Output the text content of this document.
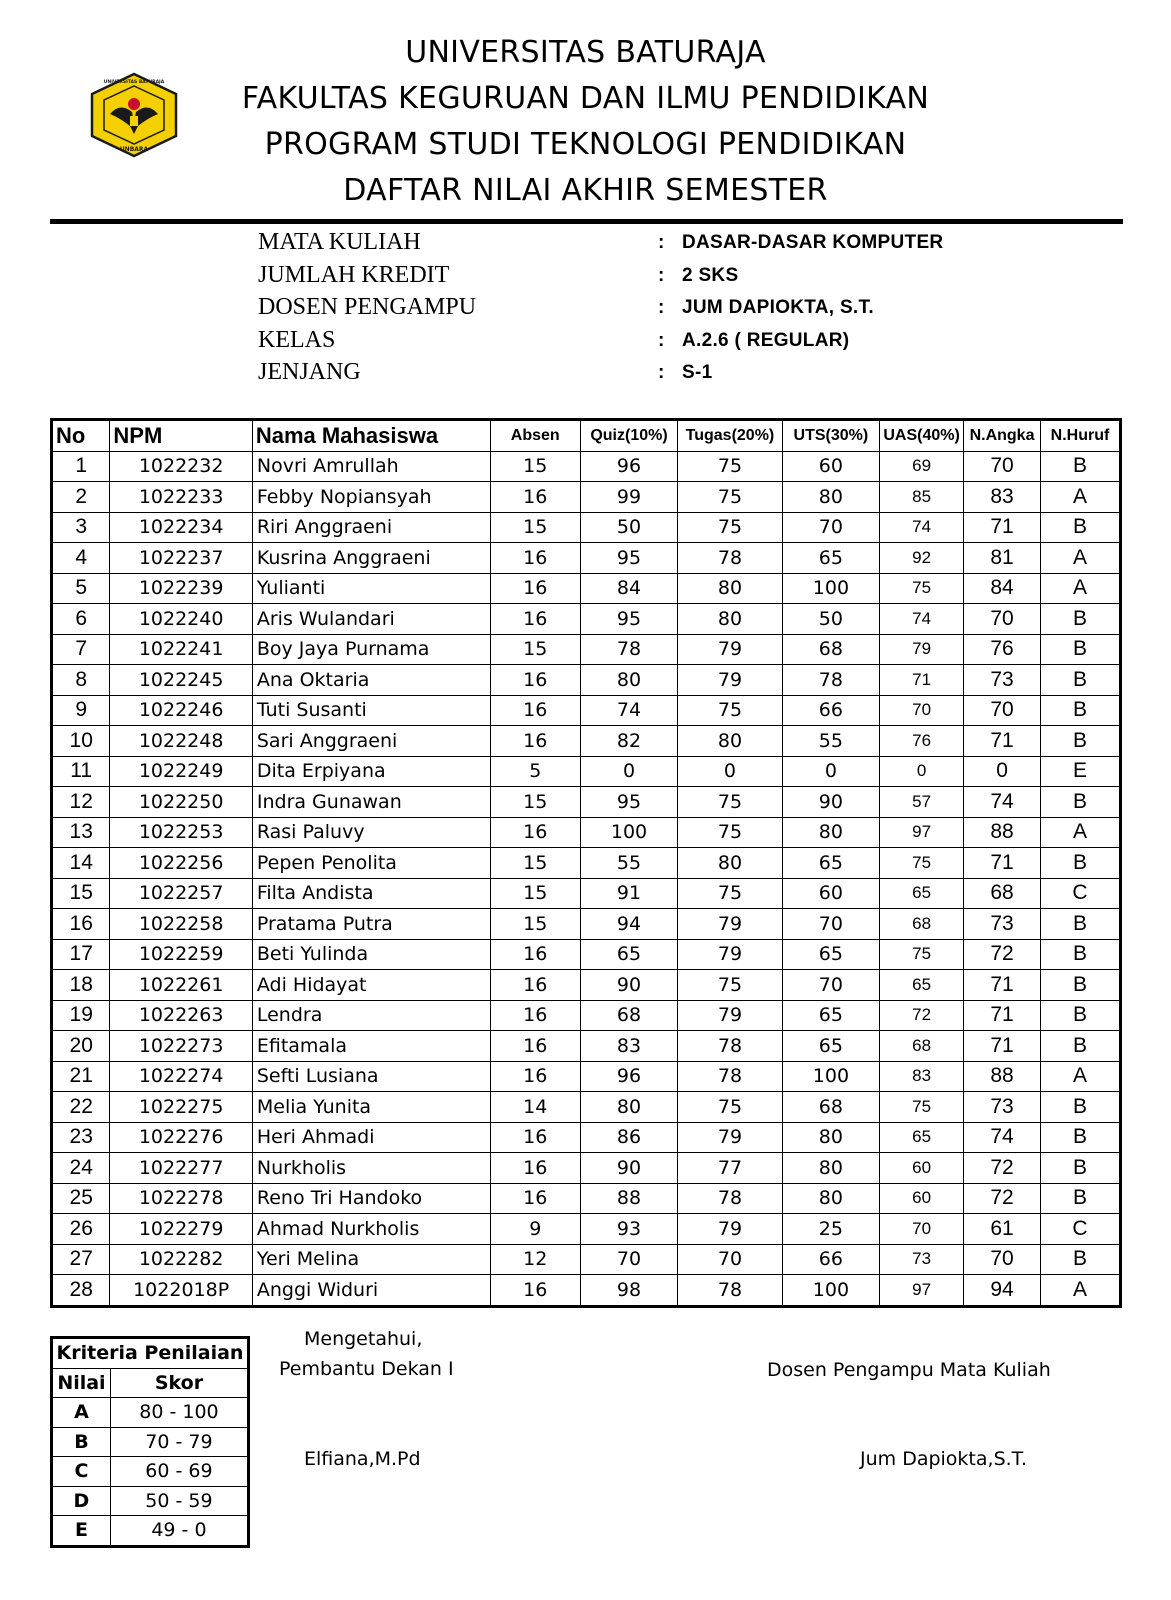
UNBARA
UNIVERSITAS BATURAJA
UNIVERSITAS BATURAJA
FAKULTAS KEGURUAN DAN ILMU PENDIDIKAN
PROGRAM STUDI TEKNOLOGI PENDIDIKAN
DAFTAR NILAI AKHIR SEMESTER
MATA KULIAH	: DASAR-DASAR KOMPUTER
JUMLAH KREDIT	: 2 SKS
DOSEN PENGAMPU	: JUM DAPIOKTA, S.T.
KELAS	: A.2.6 ( REGULAR)
JENJANG	: S-1
No	NPM	Nama Mahasiswa	Absen	Quiz(10%)	Tugas(20%)	UTS(30%)	UAS(40%)	N.Angka	N.Huruf
1	1022232	Novri Amrullah	15	96	75	60	69	70	B
2	1022233	Febby Nopiansyah	16	99	75	80	85	83	A
3	1022234	Riri Anggraeni	15	50	75	70	74	71	B
4	1022237	Kusrina Anggraeni	16	95	78	65	92	81	A
5	1022239	Yulianti	16	84	80	100	75	84	A
6	1022240	Aris Wulandari	16	95	80	50	74	70	B
7	1022241	Boy Jaya Purnama	15	78	79	68	79	76	B
8	1022245	Ana Oktaria	16	80	79	78	71	73	B
9	1022246	Tuti Susanti	16	74	75	66	70	70	B
10	1022248	Sari Anggraeni	16	82	80	55	76	71	B
11	1022249	Dita Erpiyana	5	0	0	0	0	0	E
12	1022250	Indra Gunawan	15	95	75	90	57	74	B
13	1022253	Rasi Paluvy	16	100	75	80	97	88	A
14	1022256	Pepen Penolita	15	55	80	65	75	71	B
15	1022257	Filta Andista	15	91	75	60	65	68	C
16	1022258	Pratama Putra	15	94	79	70	68	73	B
17	1022259	Beti Yulinda	16	65	79	65	75	72	B
18	1022261	Adi Hidayat	16	90	75	70	65	71	B
19	1022263	Lendra	16	68	79	65	72	71	B
20	1022273	Efitamala	16	83	78	65	68	71	B
21	1022274	Sefti Lusiana	16	96	78	100	83	88	A
22	1022275	Melia Yunita	14	80	75	68	75	73	B
23	1022276	Heri Ahmadi	16	86	79	80	65	74	B
24	1022277	Nurkholis	16	90	77	80	60	72	B
25	1022278	Reno Tri Handoko	16	88	78	80	60	72	B
26	1022279	Ahmad Nurkholis	9	93	79	25	70	61	C
27	1022282	Yeri Melina	12	70	70	66	73	70	B
28	1022018P	Anggi Widuri	16	98	78	100	97	94	A
Kriteria Penilaian	
Nilai	Skor
A	80 - 100
B	70 - 79
C	60 - 69
D	50 - 59
E	49 - 0
Mengetahui,
Pembantu Dekan I
Elfiana,M.Pd
Dosen Pengampu Mata Kuliah
Jum Dapiokta,S.T.
